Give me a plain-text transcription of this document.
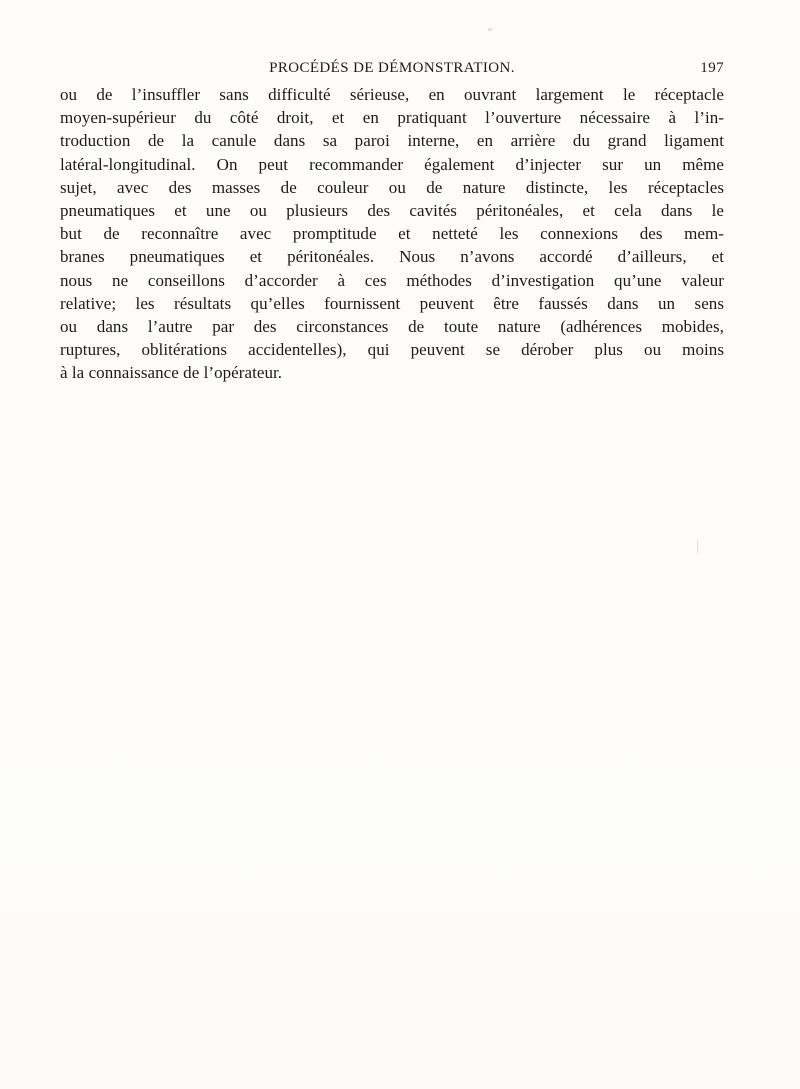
PROCÉDÉS DE DÉMONSTRATION.	197
ou de l’insuffler sans difficulté sérieuse, en ouvrant largement le réceptacle
moyen-supérieur du côté droit, et en pratiquant l’ouverture nécessaire à l’in-
troduction de la canule dans sa paroi interne, en arrière du grand ligament
latéral-longitudinal. On peut recommander également d’injecter sur un même
sujet, avec des masses de couleur ou de nature distincte, les réceptacles
pneumatiques et une ou plusieurs des cavités péritonéales, et cela dans le
but de reconnaître avec promptitude et netteté les connexions des mem-
branes pneumatiques et péritonéales. Nous n’avons accordé d’ailleurs, et
nous ne conseillons d’accorder à ces méthodes d’investigation qu’une valeur
relative; les résultats qu’elles fournissent peuvent être faussés dans un sens
ou dans l’autre par des circonstances de toute nature (adhérences mobides,
ruptures, oblitérations accidentelles), qui peuvent se dérober plus ou moins
à la connaissance de l’opérateur.
